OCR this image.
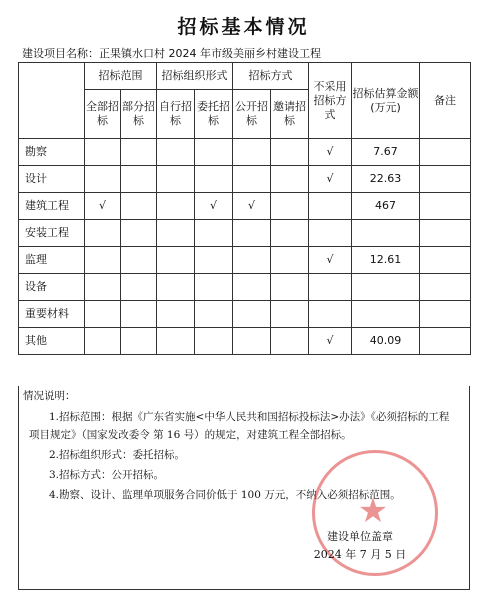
招标基本情况
建设项目名称：正果镇水口村 2024 年市级美丽乡村建设工程
	招标范围		招标组织形式		招标方式		不采用招标方式	招标估算金额(万元)	备注
	全部招标	部分招标	自行招标	委托招标	公开招标	邀请招标			
勘察							√	7.67	
设计							√	22.63	
建筑工程	√			√	√			467	
安装工程									
监理							√	12.61	
设备									
重要材料									
其他							√	40.09	
情况说明：
1.招标范围：根据《广东省实施<中华人民共和国招标投标法>办法》《必须招标的工程项目规定》（国家发改委令 第 16 号）的规定，对建筑工程全部招标。
2.招标组织形式：委托招标。
3.招标方式：公开招标。
4.勘察、设计、监理单项服务合同价低于 100 万元，不纳入必须招标范围。
★
建设单位盖章
2024 年 7 月 5 日
